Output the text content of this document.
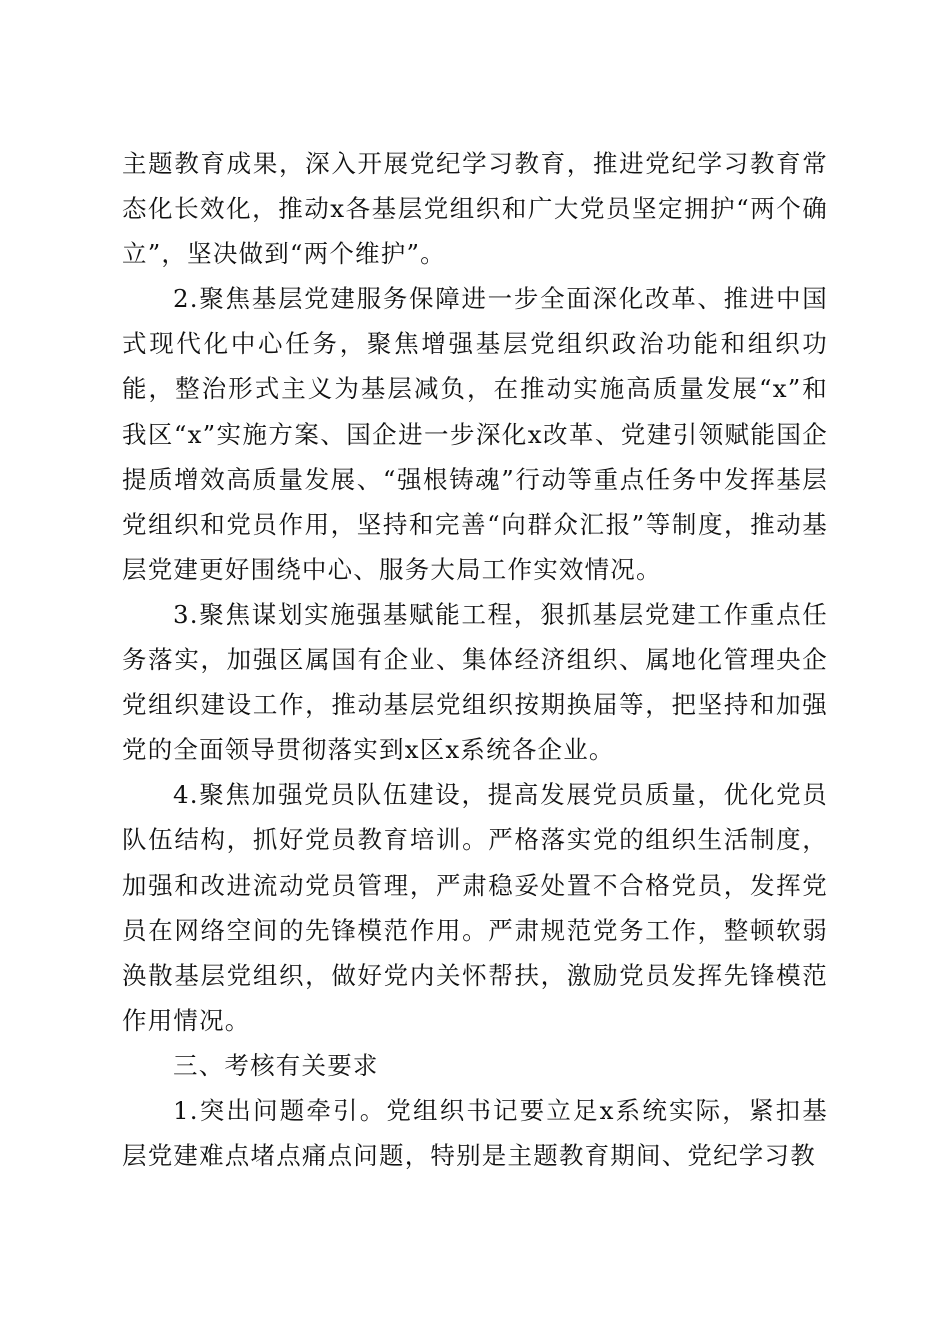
主题教育成果，深入开展党纪学习教育，推进党纪学习教育常态化长效化，推动x各基层党组织和广大党员坚定拥护“两个确立”，坚决做到“两个维护”。

2.聚焦基层党建服务保障进一步全面深化改革、推进中国式现代化中心任务，聚焦增强基层党组织政治功能和组织功能，整治形式主义为基层减负，在推动实施高质量发展“x”和我区“x”实施方案、国企进一步深化x改革、党建引领赋能国企提质增效高质量发展、“强根铸魂”行动等重点任务中发挥基层党组织和党员作用，坚持和完善“向群众汇报”等制度，推动基层党建更好围绕中心、服务大局工作实效情况。

3.聚焦谋划实施强基赋能工程，狠抓基层党建工作重点任务落实，加强区属国有企业、集体经济组织、属地化管理央企党组织建设工作，推动基层党组织按期换届等，把坚持和加强党的全面领导贯彻落实到x区x系统各企业。

4.聚焦加强党员队伍建设，提高发展党员质量，优化党员队伍结构，抓好党员教育培训。严格落实党的组织生活制度，加强和改进流动党员管理，严肃稳妥处置不合格党员，发挥党员在网络空间的先锋模范作用。严肃规范党务工作，整顿软弱涣散基层党组织，做好党内关怀帮扶，激励党员发挥先锋模范作用情况。

三、考核有关要求

1.突出问题牵引。党组织书记要立足x系统实际，紧扣基层党建难点堵点痛点问题，特别是主题教育期间、党纪学习教
